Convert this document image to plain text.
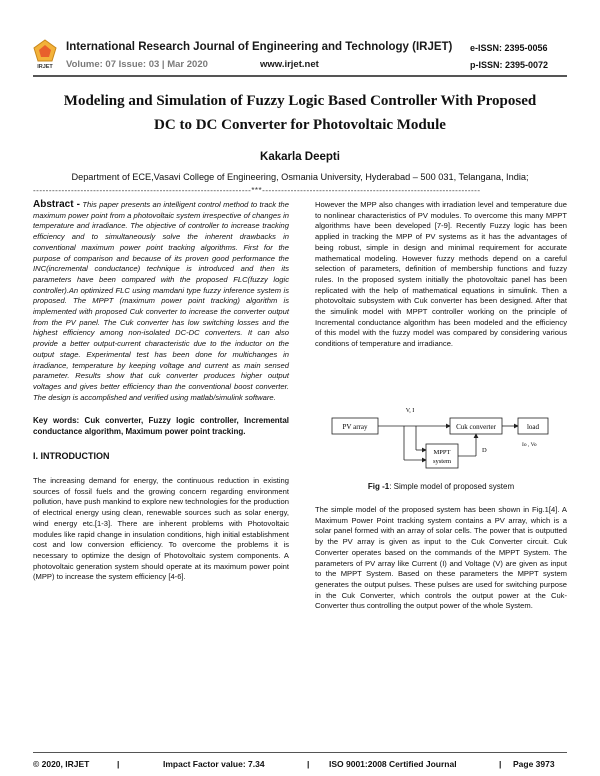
IRJET
International Research Journal of Engineering and Technology (IRJET)
Volume: 07 Issue: 03 | Mar 2020	www.irjet.net
e-ISSN: 2395-0056
p-ISSN: 2395-0072
Modeling and Simulation of Fuzzy Logic Based Controller With Proposed
DC to DC Converter for Photovoltaic Module
Kakarla Deepti
Department of ECE,Vasavi College of Engineering, Osmania University, Hyderabad – 500 031, Telangana, India;
---------------------------------------------------------------------***---------------------------------------------------------------------

Abstract - This paper presents an intelligent control method to track the maximum power point from a photovoltaic system irrespective of changes in temperature and irradiance. The objective of controller to increase tracking efficiency and to simultaneously solve the inherent drawbacks in conventional maximum power point tracking algorithms. First for the purpose of comparison and because of its proven good performance the INC(incremental conductance) technique is introduced and then its parameters have been compared with the proposed FLC(fuzzy logic controller).An optimized FLC using mamdani type fuzzy inference system is proposed. The MPPT (maximum power point tracking) algorithm is implemented with proposed Cuk converter to increase the converter output from the PV panel. The Cuk converter has low switching losses and the highest efficiency among non-isolated DC-DC converters. It can also provide a better output-current characteristic due to the inductor on the output stage. Experimental test has been done for multichanges in irradiance, temperature by keeping voltage and current as main sensed parameter. Results show that cuk converter produces higher output voltages and gives better efficiency than the conventional boost converter. The design is accomplished and verified using matlab/simulink software.

Key words: Cuk converter, Fuzzy logic controller, Incremental conductance algorithm, Maximum power point tracking.

I. INTRODUCTION

The increasing demand for energy, the continuous reduction in existing sources of fossil fuels and the growing concern regarding environment pollution, have push mankind to explore new technologies for the production of electrical energy using clean, renewable sources such as solar energy, wind energy etc.[1-3]. There are inherent problems with Photovoltaic modules like rapid change in insulation conditions, high initial establishment cost and low conversion efficiency. To overcome the problems it is necessary to optimize the design of Photovoltaic system components. A photovoltaic generation system should operate at its maximum power point (MPP) to increase the system efficiency [4-6].

However the MPP also changes with irradiation level and temperature due to nonlinear characteristics of PV modules. To overcome this many MPPT algorithms have been developed [7-9]. Recently Fuzzy logic has been applied in tracking the MPP of PV systems as it has the advantages of being robust, simple in design and minimal requirement for accurate mathematical modeling. However fuzzy methods depend on a careful selection of parameters, definition of membership functions and fuzzy rules. In the proposed system initially the photovoltaic panel has been replicated with the help of mathematical equations in simulink. Then a photovoltaic subsystem with Cuk converter has been designed. After that the simulink model with MPPT controller working on the principle of Incremental conductance algorithm has been modeled and the efficiency of this model with the fuzzy model was compared by considering various conditions of temperature and irradiance.

PV array	Cuk converter	load
V, I
MPPT
system
D
Io , Vo
Fig -1: Simple model of proposed system

The simple model of the proposed system has been shown in Fig.1[4]. A Maximum Power Point tracking system contains a PV array, which is a solar panel formed with an array of solar cells. The power that is outputted by the PV array is given as input to the Cuk Converter circuit. Cuk Converter operates based on the commands of the MPPT System. The parameters of PV array like Current (I) and Voltage (V) are given as input to the MPPT System. Based on these parameters the MPPT system generates the output pulses. These pulses are used for switching purpose in the Cuk Converter, which controls the output power at the Cuk-Converter thus controlling the output power of the whole System.

© 2020, IRJET	|	Impact Factor value: 7.34	|	ISO 9001:2008 Certified Journal	|	Page 3973
